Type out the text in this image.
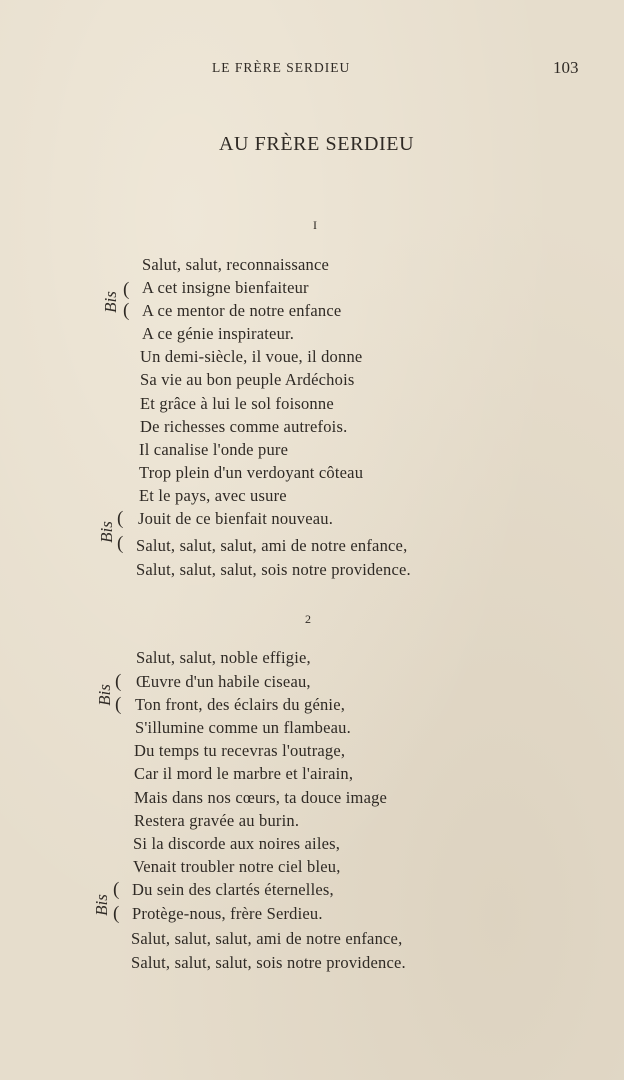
LE FRÈRE SERDIEU	103
AU FRÈRE SERDIEU
I
Salut, salut, reconnaissance
A cet insigne bienfaiteur
A ce mentor de notre enfance
A ce génie inspirateur.
Un demi-siècle, il voue, il donne
Sa vie au bon peuple Ardéchois
Et grâce à lui le sol foisonne
De richesses comme autrefois.
Il canalise l'onde pure
Trop plein d'un verdoyant côteau
Et le pays, avec usure
Jouit de ce bienfait nouveau.
Salut, salut, salut, ami de notre enfance,
Salut, salut, salut, sois notre providence.
Bis
(
(
Bis
(
(
2
Salut, salut, noble effigie,
Œuvre d'un habile ciseau,
Ton front, des éclairs du génie,
S'illumine comme un flambeau.
Du temps tu recevras l'outrage,
Car il mord le marbre et l'airain,
Mais dans nos cœurs, ta douce image
Restera gravée au burin.
Si la discorde aux noires ailes,
Venait troubler notre ciel bleu,
Du sein des clartés éternelles,
Protège-nous, frère Serdieu.
Salut, salut, salut, ami de notre enfance,
Salut, salut, salut, sois notre providence.
Bis
(
(
Bis
(
(
